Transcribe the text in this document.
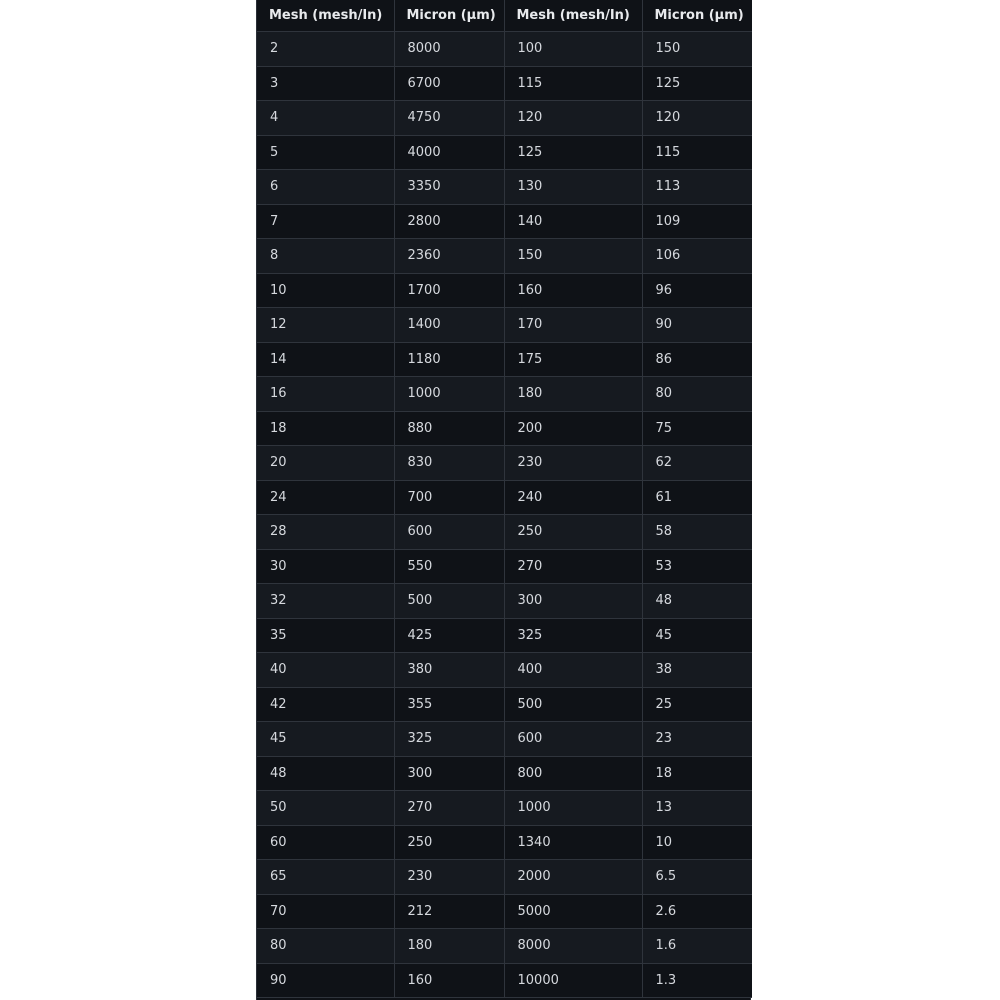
Mesh (mesh/In)	Micron (μm)	Mesh (mesh/In)	Micron (μm)
2	8000	100	150
3	6700	115	125
4	4750	120	120
5	4000	125	115
6	3350	130	113
7	2800	140	109
8	2360	150	106
10	1700	160	96
12	1400	170	90
14	1180	175	86
16	1000	180	80
18	880	200	75
20	830	230	62
24	700	240	61
28	600	250	58
30	550	270	53
32	500	300	48
35	425	325	45
40	380	400	38
42	355	500	25
45	325	600	23
48	300	800	18
50	270	1000	13
60	250	1340	10
65	230	2000	6.5
70	212	5000	2.6
80	180	8000	1.6
90	160	10000	1.3
